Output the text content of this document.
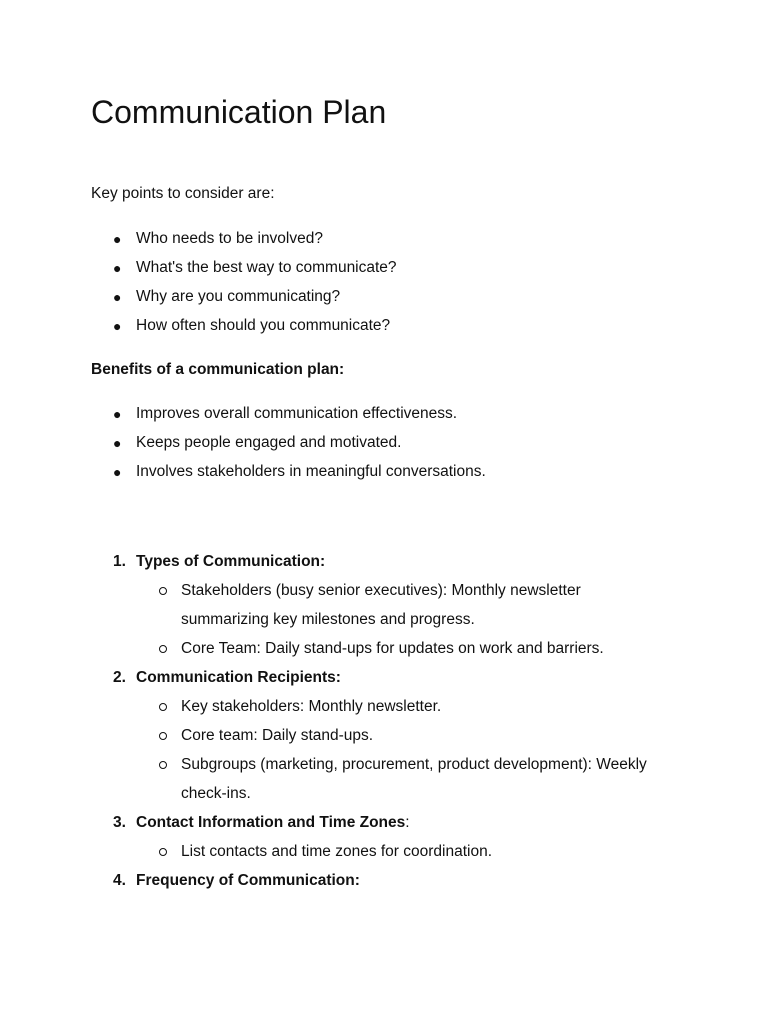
Communication Plan
Key points to consider are:
● Who needs to be involved?
● What's the best way to communicate?
● Why are you communicating?
● How often should you communicate?
Benefits of a communication plan:
● Improves overall communication effectiveness.
● Keeps people engaged and motivated.
● Involves stakeholders in meaningful conversations.
1. Types of Communication:
Stakeholders (busy senior executives): Monthly newsletter
summarizing key milestones and progress.
Core Team: Daily stand-ups for updates on work and barriers.
2. Communication Recipients:
Key stakeholders: Monthly newsletter.
Core team: Daily stand-ups.
Subgroups (marketing, procurement, product development): Weekly
check-ins.
3. Contact Information and Time Zones:
List contacts and time zones for coordination.
4. Frequency of Communication:
